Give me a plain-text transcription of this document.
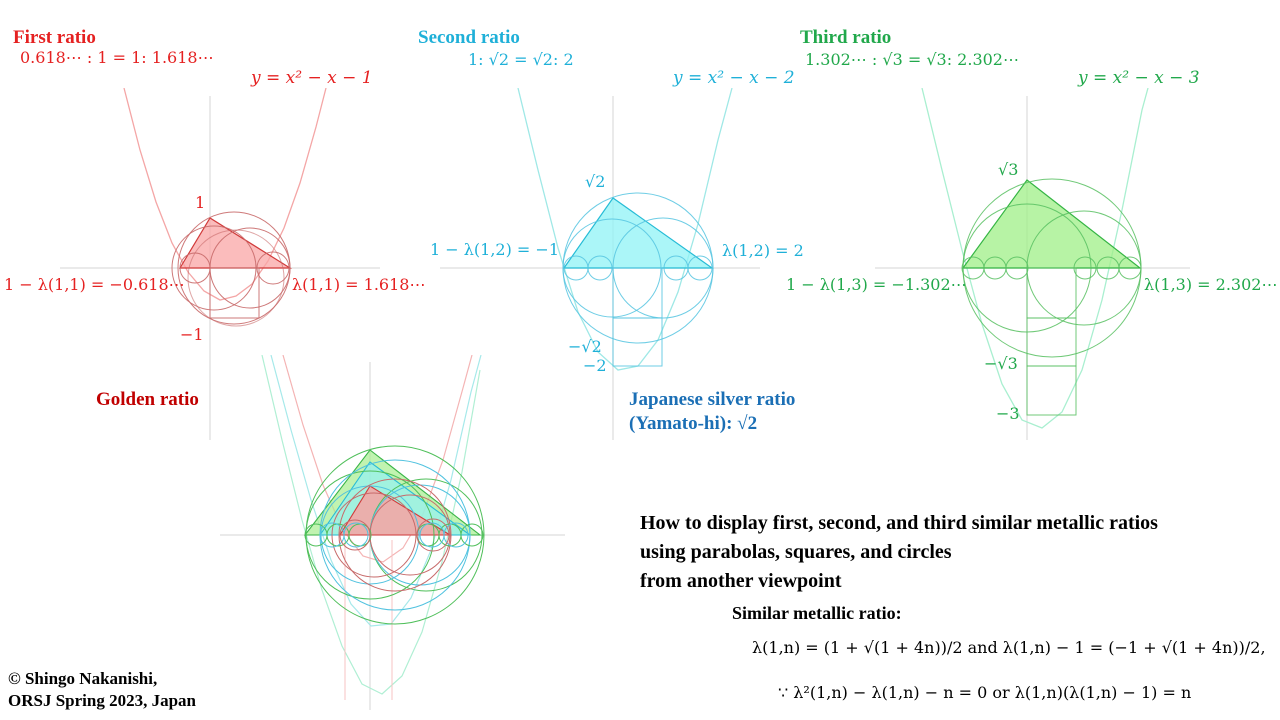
First ratio	Second ratio	Third ratio
Golden ratio	Japanese silver ratio
(Yamato-hi): √2
0.618⋯ : 1 = 1: 1.618⋯	1: √2 = √2: 2	1.302⋯ : √3 = √3: 2.302⋯
y = x² − x − 1	y = x² − x − 2	y = x² − x − 3
1
−1
√2
−√2
−2
√3
−√3
−3
1 − λ(1,1) = −0.618⋯	λ(1,1) = 1.618⋯
1 − λ(1,2) = −1	λ(1,2) = 2
1 − λ(1,3) = −1.302⋯	λ(1,3) = 2.302⋯
How to display first, second, and third similar metallic ratios
using parabolas, squares, and circles
from another viewpoint
Similar metallic ratio:
λ(1,n) = (1 + √(1 + 4n))/2 and λ(1,n) − 1 = (−1 + √(1 + 4n))/2,
∵ λ²(1,n) − λ(1,n) − n = 0 or λ(1,n)(λ(1,n) − 1) = n
© Shingo Nakanishi,
ORSJ Spring 2023, Japan
